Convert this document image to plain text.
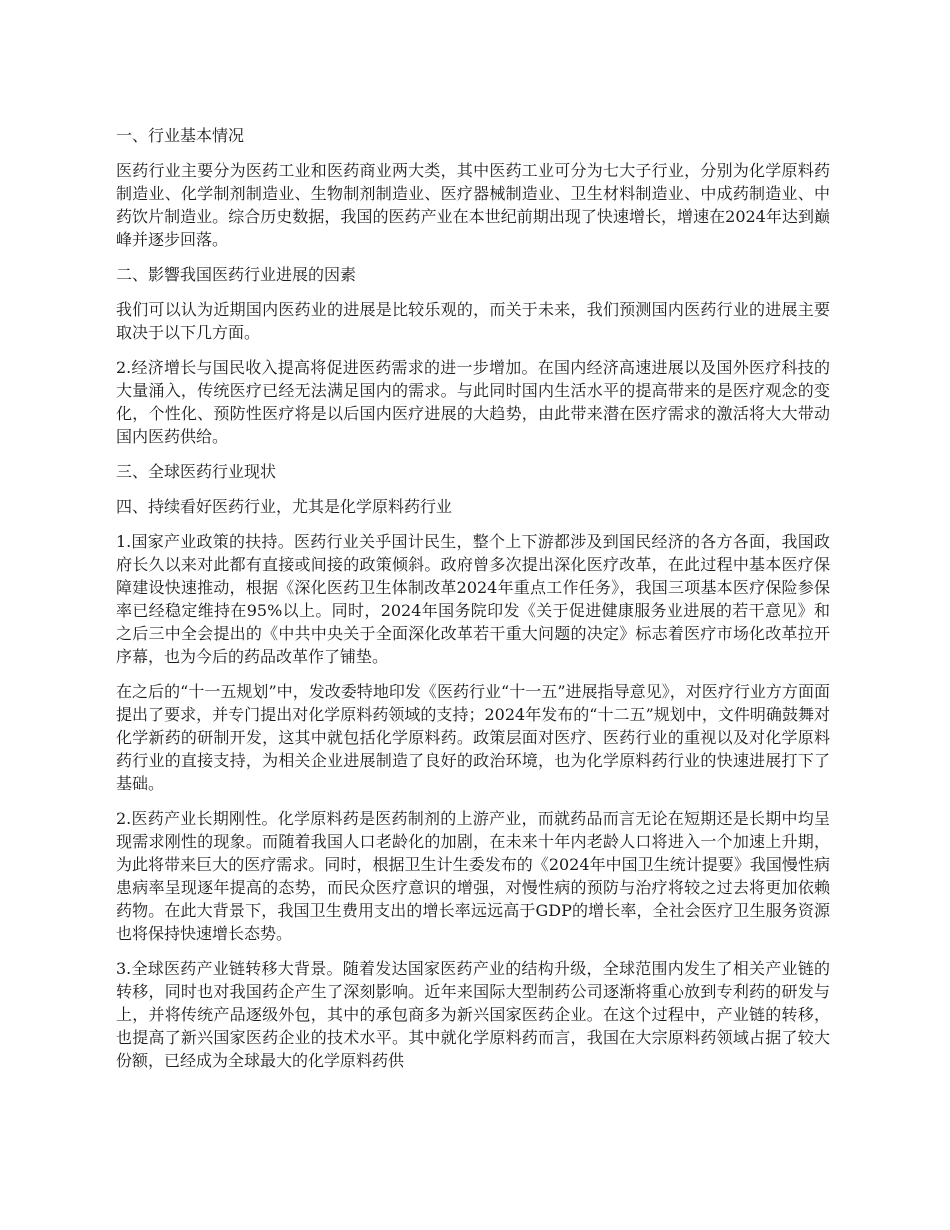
一、行业基本情况

医药行业主要分为医药工业和医药商业两大类，其中医药工业可分为七大子行业，分别为化学原料药制造业、化学制剂制造业、生物制剂制造业、医疗器械制造业、卫生材料制造业、中成药制造业、中药饮片制造业。综合历史数据，我国的医药产业在本世纪前期出现了快速增长，增速在2024年达到巅峰并逐步回落。

二、影響我国医药行业进展的因素

我们可以认为近期国内医药业的进展是比较乐观的，而关于未来，我们预测国内医药行业的进展主要取决于以下几方面。

2.经济增长与国民收入提高将促进医药需求的进一步增加。在国内经济高速进展以及国外医疗科技的大量涌入，传统医疗已经无法满足国内的需求。与此同时国内生活水平的提高带来的是医疗观念的变化，个性化、预防性医疗将是以后国内医疗进展的大趋势，由此带来潜在医疗需求的激活将大大带动国内医药供给。

三、全球医药行业现状

四、持续看好医药行业，尤其是化学原料药行业

1.国家产业政策的扶持。医药行业关乎国计民生，整个上下游都涉及到国民经济的各方各面，我国政府长久以来对此都有直接或间接的政策倾斜。政府曾多次提出深化医疗改革，在此过程中基本医疗保障建设快速推动，根据《深化医药卫生体制改革2024年重点工作任务》，我国三项基本医疗保险参保率已经稳定维持在95%以上。同时，2024年国务院印发《关于促进健康服务业进展的若干意见》和之后三中全会提出的《中共中央关于全面深化改革若干重大问题的决定》标志着医疗市场化改革拉开序幕，也为今后的药品改革作了铺垫。

在之后的“十一五规划”中，发改委特地印发《医药行业“十一五”进展指导意见》，对医疗行业方方面面提出了要求，并专门提出对化学原料药领域的支持；2024年发布的“十二五”规划中，文件明确鼓舞对化学新药的研制开发，这其中就包括化学原料药。政策层面对医疗、医药行业的重视以及对化学原料药行业的直接支持，为相关企业进展制造了良好的政治环境，也为化学原料药行业的快速进展打下了基础。

2.医药产业长期刚性。化学原料药是医药制剂的上游产业，而就药品而言无论在短期还是长期中均呈现需求刚性的现象。而随着我国人口老龄化的加剧，在未来十年内老龄人口将进入一个加速上升期，为此将带来巨大的医疗需求。同时，根据卫生计生委发布的《2024年中国卫生统计提要》我国慢性病患病率呈现逐年提高的态势，而民众医疗意识的增强，对慢性病的预防与治疗将较之过去将更加依赖药物。在此大背景下，我国卫生费用支出的增长率远远高于GDP的增长率，全社会医疗卫生服务资源也将保持快速增长态势。

3.全球医药产业链转移大背景。随着发达国家医药产业的结构升级，全球范围内发生了相关产业链的转移，同时也对我国药企产生了深刻影响。近年来国际大型制药公司逐渐将重心放到专利药的研发与上，并将传统产品逐级外包，其中的承包商多为新兴国家医药企业。在这个过程中，产业链的转移，也提高了新兴国家医药企业的技术水平。其中就化学原料药而言，我国在大宗原料药领域占据了较大份额，已经成为全球最大的化学原料药供
